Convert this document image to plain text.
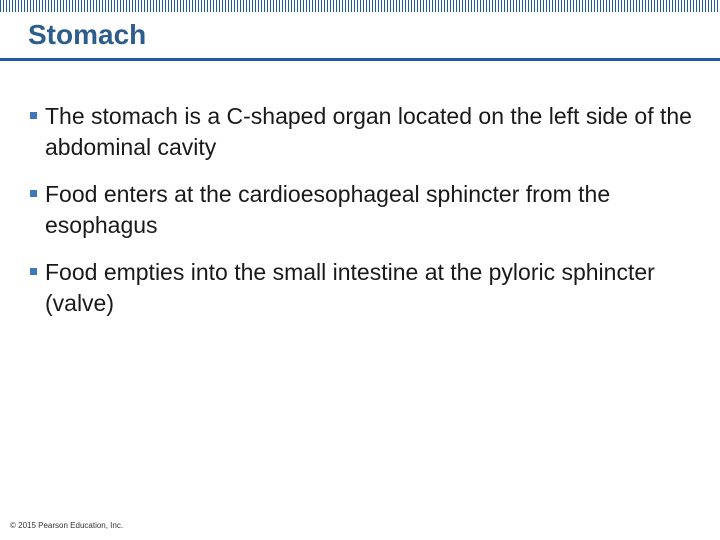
Stomach
The stomach is a C-shaped organ located on the left side of the abdominal cavity
Food enters at the cardioesophageal sphincter from the esophagus
Food empties into the small intestine at the pyloric sphincter (valve)
© 2015 Pearson Education, Inc.
